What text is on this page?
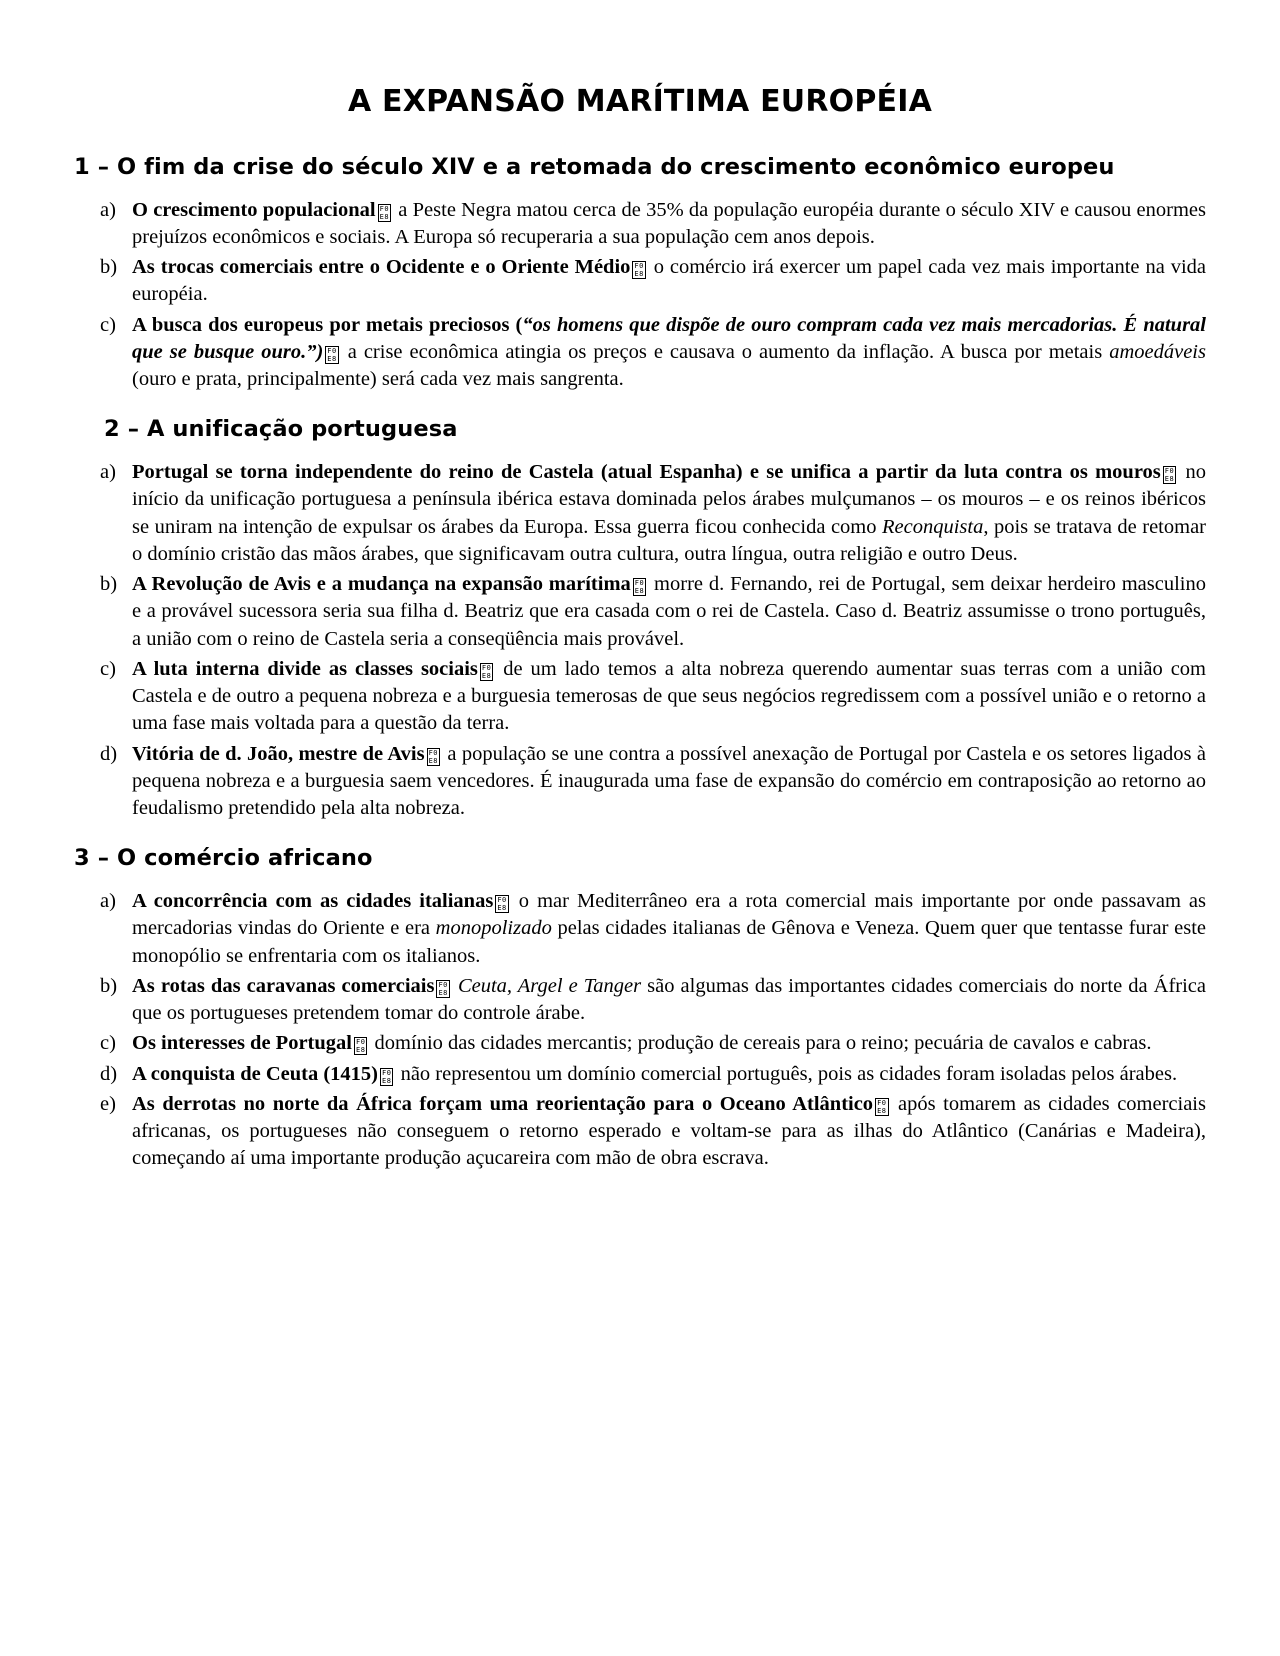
A EXPANSÃO MARÍTIMA EUROPÉIA
1 – O fim da crise do século XIV e a retomada do crescimento econômico europeu
a) O crescimento populacional F0
E8 a Peste Negra matou cerca de 35% da população européia durante o século XIV e causou enormes prejuízos econômicos e sociais. A Europa só recuperaria a sua população cem anos depois.
b) As trocas comerciais entre o Ocidente e o Oriente Médio F0
E8 o comércio irá exercer um papel cada vez mais importante na vida européia.
c) A busca dos europeus por metais preciosos (“os homens que dispõe de ouro compram cada vez mais mercadorias. É natural que se busque ouro.”) F0
E8 a crise econômica atingia os preços e causava o aumento da inflação. A busca por metais amoedáveis (ouro e prata, principalmente) será cada vez mais sangrenta.
2 – A unificação portuguesa
a) Portugal se torna independente do reino de Castela (atual Espanha) e se unifica a partir da luta contra os mouros F0
E8 no início da unificação portuguesa a península ibérica estava dominada pelos árabes mulçumanos – os mouros – e os reinos ibéricos se uniram na intenção de expulsar os árabes da Europa. Essa guerra ficou conhecida como Reconquista, pois se tratava de retomar o domínio cristão das mãos árabes, que significavam outra cultura, outra língua, outra religião e outro Deus.
b) A Revolução de Avis e a mudança na expansão marítima F0
E8 morre d. Fernando, rei de Portugal, sem deixar herdeiro masculino e a provável sucessora seria sua filha d. Beatriz que era casada com o rei de Castela. Caso d. Beatriz assumisse o trono português, a união com o reino de Castela seria a conseqüência mais provável.
c) A luta interna divide as classes sociais F0
E8 de um lado temos a alta nobreza querendo aumentar suas terras com a união com Castela e de outro a pequena nobreza e a burguesia temerosas de que seus negócios regredissem com a possível união e o retorno a uma fase mais voltada para a questão da terra.
d) Vitória de d. João, mestre de Avis F0
E8 a população se une contra a possível anexação de Portugal por Castela e os setores ligados à pequena nobreza e a burguesia saem vencedores. É inaugurada uma fase de expansão do comércio em contraposição ao retorno ao feudalismo pretendido pela alta nobreza.
3 – O comércio africano
a) A concorrência com as cidades italianas F0
E8 o mar Mediterrâneo era a rota comercial mais importante por onde passavam as mercadorias vindas do Oriente e era monopolizado pelas cidades italianas de Gênova e Veneza. Quem quer que tentasse furar este monopólio se enfrentaria com os italianos.
b) As rotas das caravanas comerciais F0
E8 Ceuta, Argel e Tanger são algumas das importantes cidades comerciais do norte da África que os portugueses pretendem tomar do controle árabe.
c) Os interesses de Portugal F0
E8 domínio das cidades mercantis; produção de cereais para o reino; pecuária de cavalos e cabras.
d) A conquista de Ceuta (1415) F0
E8 não representou um domínio comercial português, pois as cidades foram isoladas pelos árabes.
e) As derrotas no norte da África forçam uma reorientação para o Oceano Atlântico F0
E8 após tomarem as cidades comerciais africanas, os portugueses não conseguem o retorno esperado e voltam-se para as ilhas do Atlântico (Canárias e Madeira), começando aí uma importante produção açucareira com mão de obra escrava.
